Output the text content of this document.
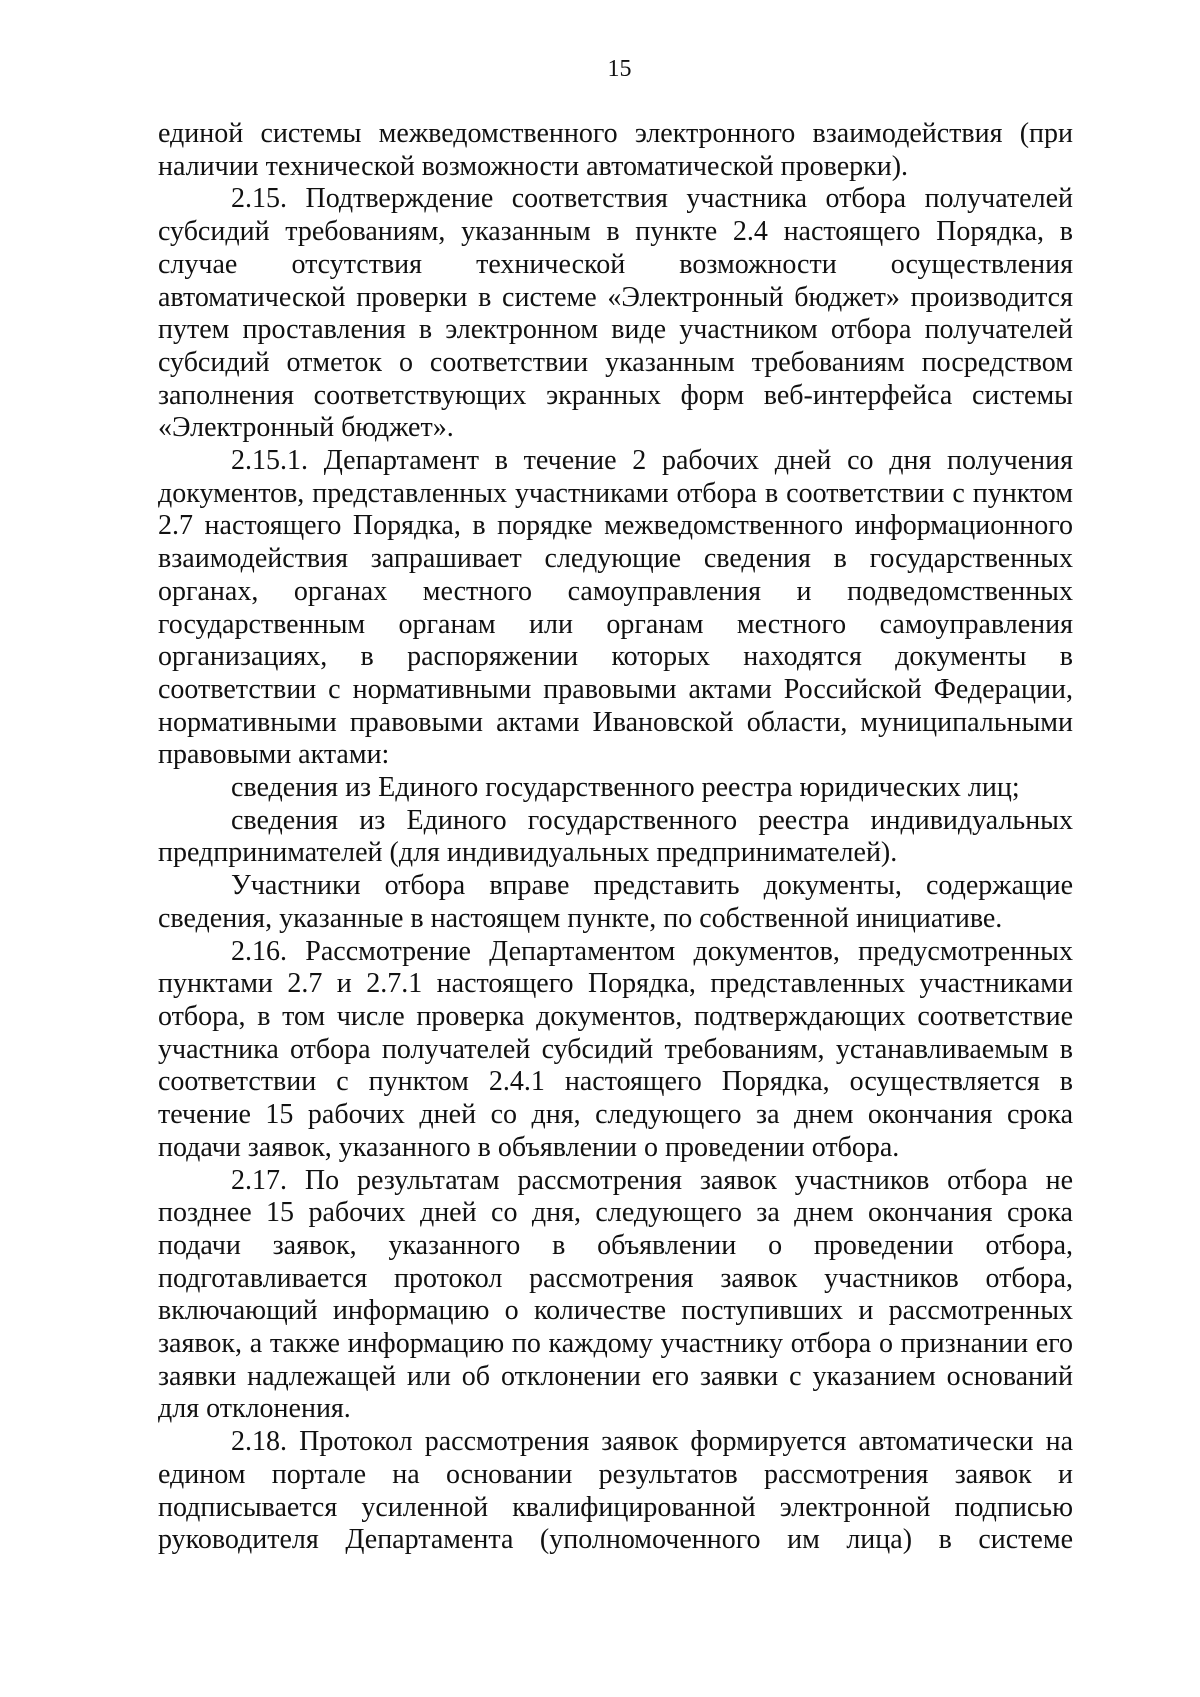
15

единой системы межведомственного электронного взаимодействия (при наличии технической возможности автоматической проверки).

2.15. Подтверждение соответствия участника отбора получателей субсидий требованиям, указанным в пункте 2.4 настоящего Порядка, в случае отсутствия технической возможности осуществления автоматической проверки в системе «Электронный бюджет» производится путем проставления в электронном виде участником отбора получателей субсидий отметок о соответствии указанным требованиям посредством заполнения соответствующих экранных форм веб-интерфейса системы «Электронный бюджет».

2.15.1. Департамент в течение 2 рабочих дней со дня получения документов, представленных участниками отбора в соответствии с пунктом 2.7 настоящего Порядка, в порядке межведомственного информационного взаимодействия запрашивает следующие сведения в государственных органах, органах местного самоуправления и подведомственных государственным органам или органам местного самоуправления организациях, в распоряжении которых находятся документы в соответствии с нормативными правовыми актами Российской Федерации, нормативными правовыми актами Ивановской области, муниципальными правовыми актами:

сведения из Единого государственного реестра юридических лиц;

сведения из Единого государственного реестра индивидуальных предпринимателей (для индивидуальных предпринимателей).

Участники отбора вправе представить документы, содержащие сведения, указанные в настоящем пункте, по собственной инициативе.

2.16. Рассмотрение Департаментом документов, предусмотренных пунктами 2.7 и 2.7.1 настоящего Порядка, представленных участниками отбора, в том числе проверка документов, подтверждающих соответствие участника отбора получателей субсидий требованиям, устанавливаемым в соответствии с пунктом 2.4.1 настоящего Порядка, осуществляется в течение 15 рабочих дней со дня, следующего за днем окончания срока подачи заявок, указанного в объявлении о проведении отбора.

2.17. По результатам рассмотрения заявок участников отбора не позднее 15 рабочих дней со дня, следующего за днем окончания срока подачи заявок, указанного в объявлении о проведении отбора, подготавливается протокол рассмотрения заявок участников отбора, включающий информацию о количестве поступивших и рассмотренных заявок, а также информацию по каждому участнику отбора о признании его заявки надлежащей или об отклонении его заявки с указанием оснований для отклонения.

2.18. Протокол рассмотрения заявок формируется автоматически на едином портале на основании результатов рассмотрения заявок и подписывается усиленной квалифицированной электронной подписью руководителя Департамента (уполномоченного им лица) в системе
